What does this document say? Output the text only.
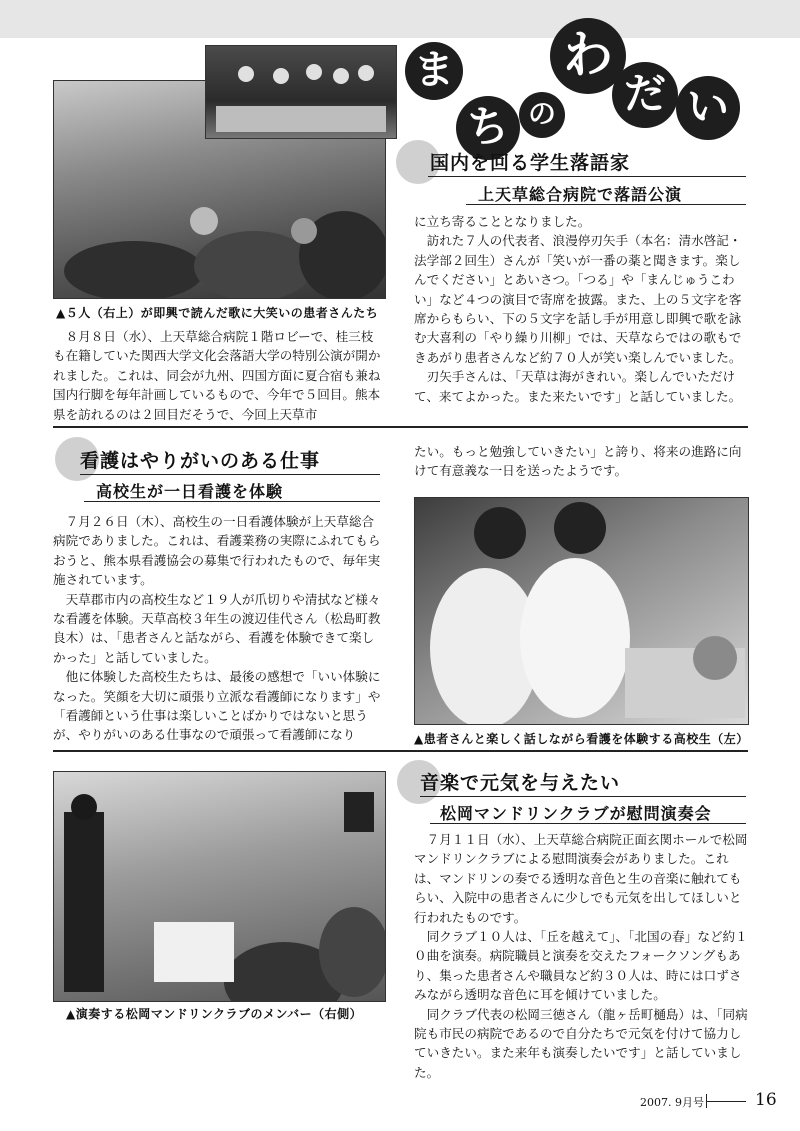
ま
ち の
わ
だ い
▲５人（右上）が即興で読んだ歌に大笑いの患者さんたち
国内を回る学生落語家
上天草総合病院で落語公演

８月８日（水）、上天草総合病院１階ロビーで、桂三枝も在籍していた関西大学文化会落語大学の特別公演が開かれました。これは、同会が九州、四国方面に夏合宿も兼ね国内行脚を毎年計画しているもので、今年で５回目。熊本県を訪れるのは２回目だそうで、今回上天草市

に立ち寄ることとなりました。

訪れた７人の代表者、浪漫停刃矢手（本名：清水啓記・法学部２回生）さんが「笑いが一番の薬と聞きます。楽しんでください」とあいさつ。「つる」や「まんじゅうこわい」など４つの演目で寄席を披露。また、上の５文字を客席からもらい、下の５文字を話し手が用意し即興で歌を詠む大喜利の「やり繰り川柳」では、天草ならではの歌もできあがり患者さんなど約７０人が笑い楽しんでいました。

刃矢手さんは、「天草は海がきれい。楽しんでいただけて、来てよかった。また来たいです」と話していました。

看護はやりがいのある仕事
高校生が一日看護を体験

７月２６日（木）、高校生の一日看護体験が上天草総合病院でありました。これは、看護業務の実際にふれてもらおうと、熊本県看護協会の募集で行われたもので、毎年実施されています。

天草郡市内の高校生など１９人が爪切りや清拭など様々な看護を体験。天草高校３年生の渡辺佳代さん（松島町教良木）は、「患者さんと話ながら、看護を体験できて楽しかった」と話していました。

他に体験した高校生たちは、最後の感想で「いい体験になった。笑顔を大切に頑張り立派な看護師になります」や「看護師という仕事は楽しいことばかりではないと思うが、やりがいのある仕事なので頑張って看護師になり

たい。もっと勉強していきたい」と誇り、将来の進路に向けて有意義な一日を送ったようです。

▲患者さんと楽しく話しながら看護を体験する高校生（左）
▲演奏する松岡マンドリンクラブのメンバー（右側）
音楽で元気を与えたい
松岡マンドリンクラブが慰問演奏会

７月１１日（水）、上天草総合病院正面玄関ホールで松岡マンドリンクラブによる慰問演奏会がありました。これは、マンドリンの奏でる透明な音色と生の音楽に触れてもらい、入院中の患者さんに少しでも元気を出してほしいと行われたものです。

同クラブ１０人は、「丘を越えて」、「北国の春」など約１０曲を演奏。病院職員と演奏を交えたフォークソングもあり、集った患者さんや職員など約３０人は、時には口ずさみながら透明な音色に耳を傾けていました。

同クラブ代表の松岡三徳さん（龍ヶ岳町樋島）は、「同病院も市民の病院であるので自分たちで元気を付けて協力していきたい。また来年も演奏したいです」と話していました。

2007. 9月号	16
